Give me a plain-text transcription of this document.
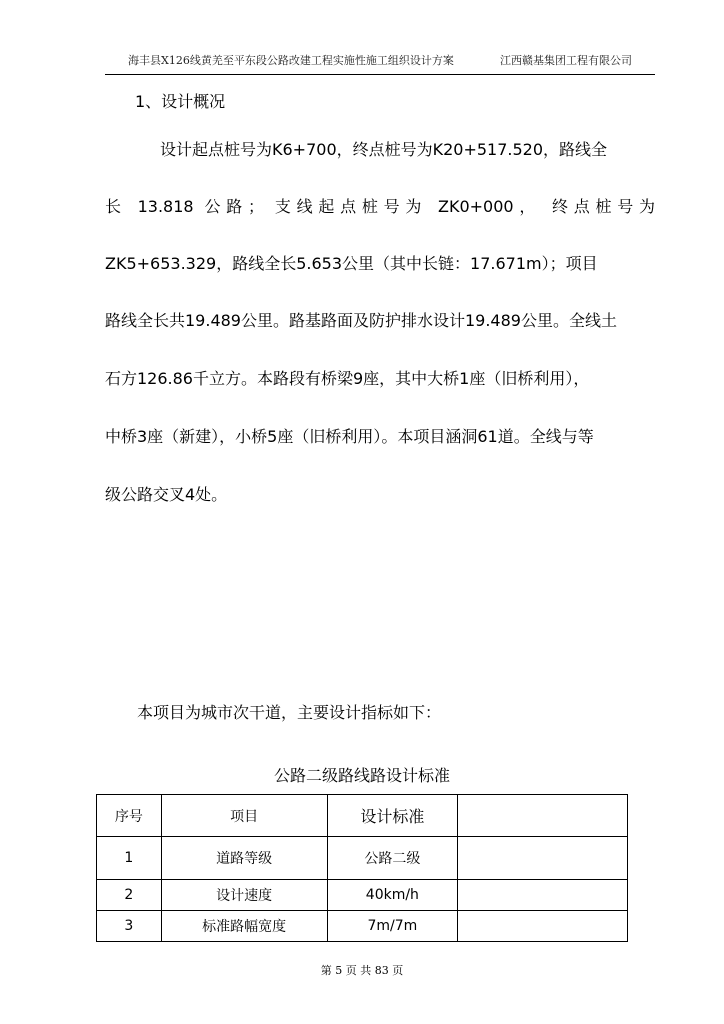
海丰县X126线黄羌至平东段公路改建工程实施性施工组织设计方案	江西赣基集团工程有限公司
1、设计概况
设计起点桩号为K6+700，终点桩号为K20+517.520，路线全
长 13.818 公路； 支线起点桩号为 ZK0+000， 终点桩号为
ZK5+653.329，路线全长5.653公里（其中长链：17.671m）；项目
路线全长共19.489公里。路基路面及防护排水设计19.489公里。全线土
石方126.86千立方。本路段有桥梁9座，其中大桥1座（旧桥利用），
中桥3座（新建），小桥5座（旧桥利用）。本项目涵洞61道。全线与等
级公路交叉4处。
本项目为城市次干道，主要设计指标如下：
公路二级路线路设计标准
序号	项目	设计标准	
1	道路等级	公路二级	
2	设计速度	40km/h	
3	标准路幅宽度	7m/7m	
第 5 页 共 83 页
